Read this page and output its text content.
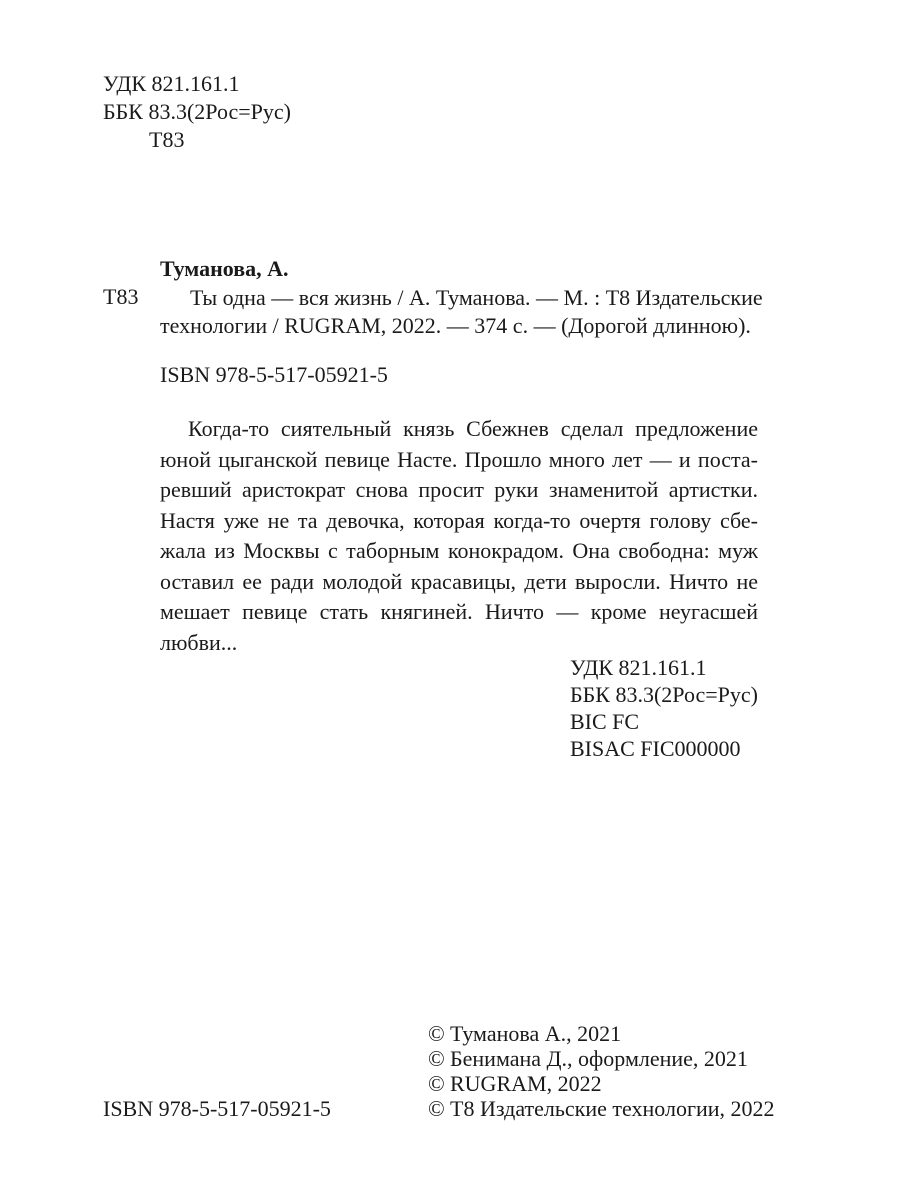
УДК 821.161.1
ББК 83.3(2Рос=Рус)
Т83
Туманова, А.
Т83	Ты одна — вся жизнь / А. Туманова. — М. : Т8 Издательские
технологии / RUGRAM, 2022. — 374 с. — (Дорогой длинною).
ISBN 978-5-517-05921-5

Когда-то сиятельный князь Сбежнев сделал предложение юной цыганской певице Насте. Прошло много лет — и постаревший аристократ снова просит руки знаменитой артистки. Настя уже не та девочка, которая когда-то очертя голову сбежала из Москвы с таборным конокрадом. Она свободна: муж оставил ее ради молодой красавицы, дети выросли. Ничто не мешает певице стать княгиней. Ничто — кроме неугасшей любви...

УДК 821.161.1
ББК 83.3(2Рос=Рус)
BIC FC
BISAC FIC000000
ISBN 978-5-517-05921-5
© Туманова А., 2021
© Бенимана Д., оформление, 2021
© RUGRAM, 2022
© Т8 Издательские технологии, 2022
